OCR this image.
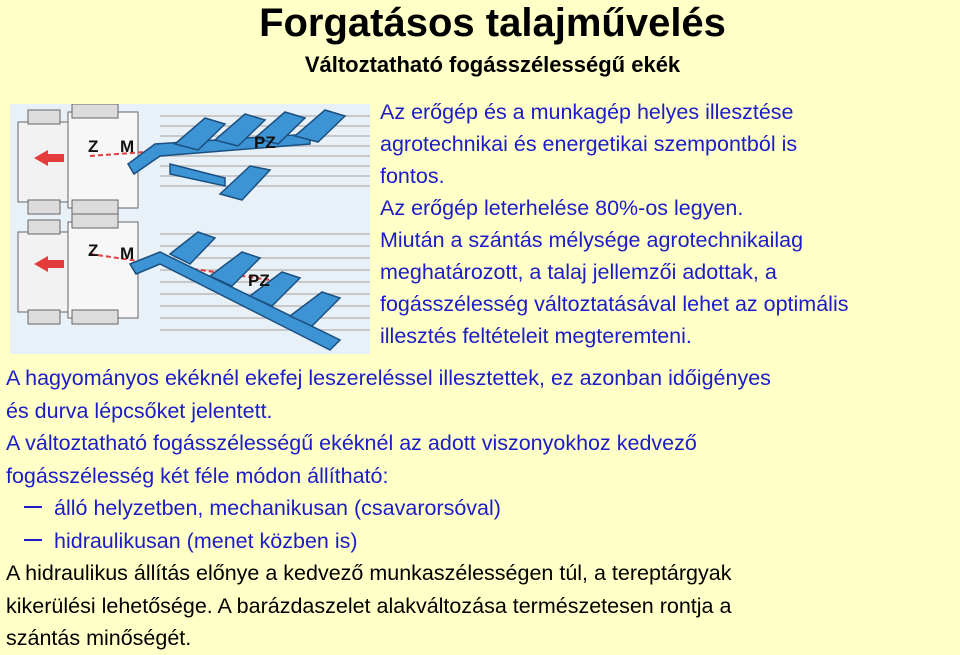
Forgatásos talajművelés
Változtatható fogásszélességű ekék
Z M	PZ
Z M
PZ
Az erőgép és a munkagép helyes illesztése
agrotechnikai és energetikai szempontból is
fontos.
Az erőgép leterhelése 80%-os legyen.
Miután a szántás mélysége agrotechnikailag
meghatározott, a talaj jellemzői adottak, a
fogásszélesség változtatásával lehet az optimális
illesztés feltételeit megteremteni.
A hagyományos ekéknél ekefej leszereléssel illesztettek, ez azonban időigényes
és durva lépcsőket jelentett.
A változtatható fogásszélességű ekéknél az adott viszonyokhoz kedvező
fogásszélesség két féle módon állítható:
álló helyzetben, mechanikusan (csavarorsóval)
hidraulikusan (menet közben is)
A hidraulikus állítás előnye a kedvező munkaszélességen túl, a tereptárgyak
kikerülési lehetősége. A barázdaszelet alakváltozása természetesen rontja a
szántás minőségét.
